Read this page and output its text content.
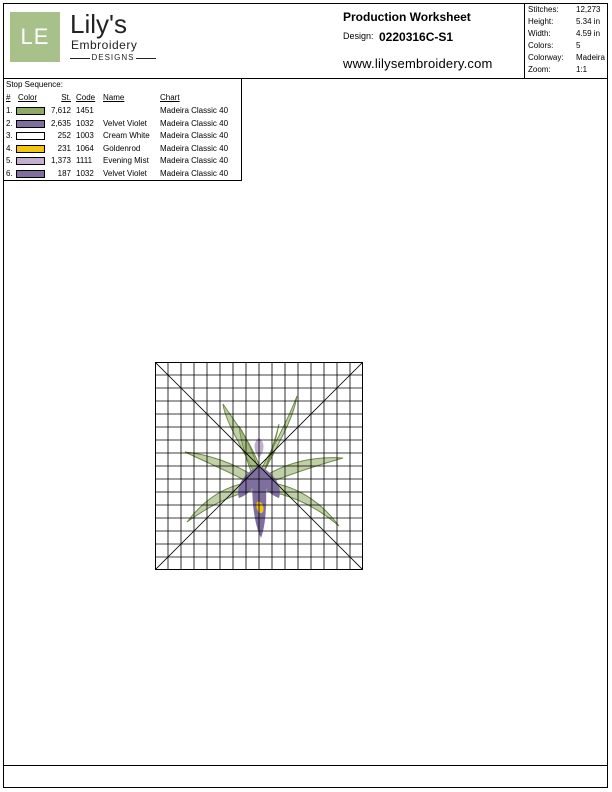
LE Lily's
Embroidery
DESIGNS
Production Worksheet
Design: 0220316C-S1
www.lilysembroidery.com
Stitches: 12,273
Height:	5.34 in
Width:	4.59 in
Colors:	5
Colorway: Madeira
Zoom:	1:1
Stop Sequence:
# Color	St. Code Name	Chart
1.	7,612 1451	Madeira Classic 40
2.	2,635 1032 Velvet Violet Madeira Classic 40
3.	252 1003 Cream White Madeira Classic 40
4.	231 1064 Goldenrod Madeira Classic 40
5.	1,373 1111 Evening Mist Madeira Classic 40
6.	187 1032 Velvet Violet Madeira Classic 40
